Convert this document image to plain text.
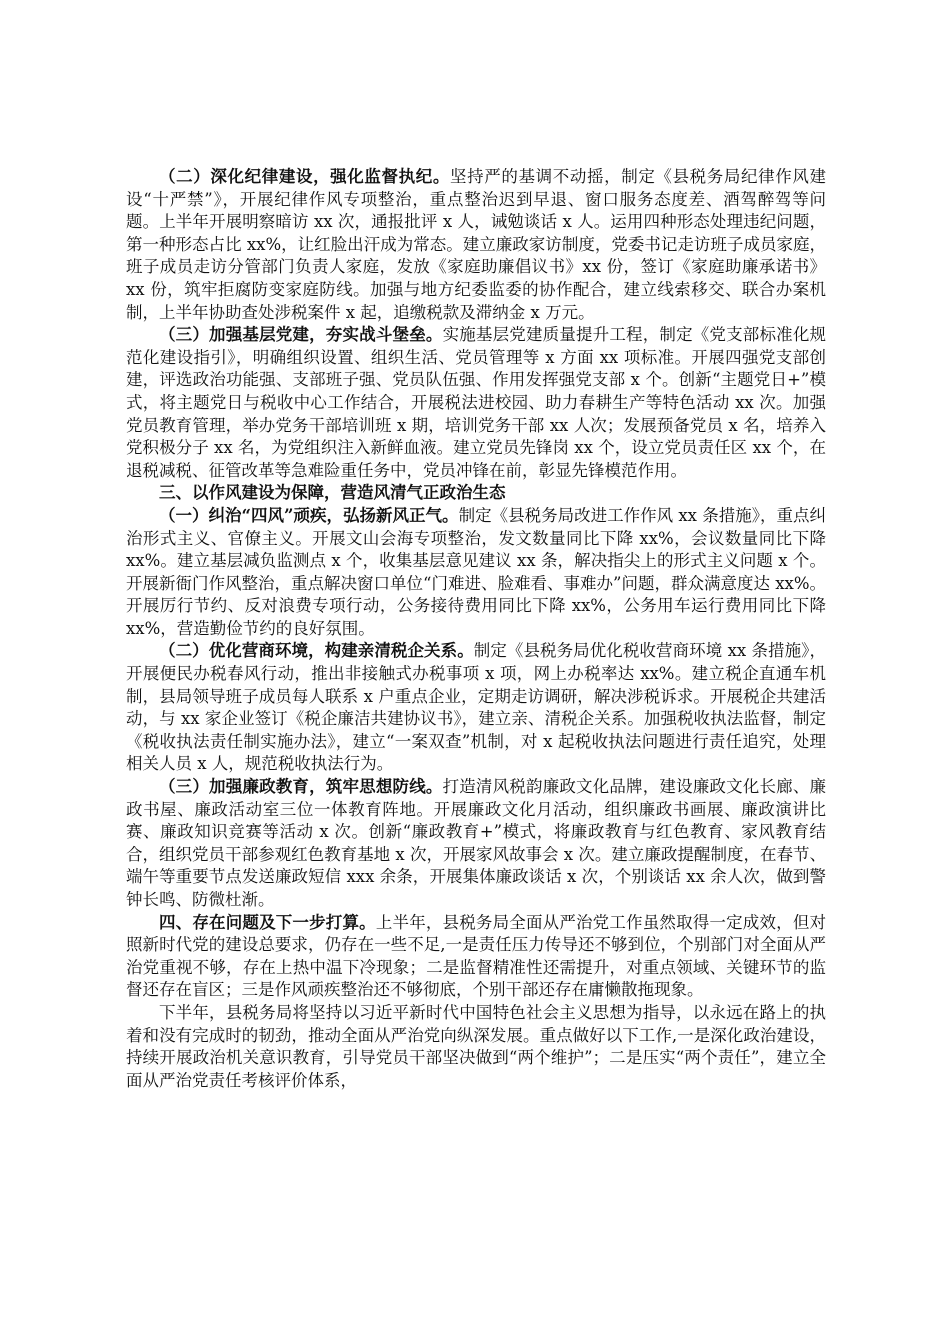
（二）深化纪律建设，强化监督执纪。坚持严的基调不动摇，制定《县税务局纪律作风建设“十严禁”》，开展纪律作风专项整治，重点整治迟到早退、窗口服务态度差、酒驾醉驾等问题。上半年开展明察暗访 xx 次，通报批评 x 人，诫勉谈话 x 人。运用四种形态处理违纪问题，第一种形态占比 xx%，让红脸出汗成为常态。建立廉政家访制度，党委书记走访班子成员家庭，班子成员走访分管部门负责人家庭，发放《家庭助廉倡议书》xx 份，签订《家庭助廉承诺书》xx 份，筑牢拒腐防变家庭防线。加强与地方纪委监委的协作配合，建立线索移交、联合办案机制，上半年协助查处涉税案件 x 起，追缴税款及滞纳金 x 万元。

（三）加强基层党建，夯实战斗堡垒。实施基层党建质量提升工程，制定《党支部标准化规范化建设指引》，明确组织设置、组织生活、党员管理等 x 方面 xx 项标准。开展四强党支部创建，评选政治功能强、支部班子强、党员队伍强、作用发挥强党支部 x 个。创新“主题党日+”模式，将主题党日与税收中心工作结合，开展税法进校园、助力春耕生产等特色活动 xx 次。加强党员教育管理，举办党务干部培训班 x 期，培训党务干部 xx 人次；发展预备党员 x 名，培养入党积极分子 xx 名，为党组织注入新鲜血液。建立党员先锋岗 xx 个，设立党员责任区 xx 个，在退税减税、征管改革等急难险重任务中，党员冲锋在前，彰显先锋模范作用。

三、以作风建设为保障，营造风清气正政治生态

（一）纠治“四风”顽疾，弘扬新风正气。制定《县税务局改进工作作风 xx 条措施》，重点纠治形式主义、官僚主义。开展文山会海专项整治，发文数量同比下降 xx%，会议数量同比下降 xx%。建立基层减负监测点 x 个，收集基层意见建议 xx 条，解决指尖上的形式主义问题 x 个。开展新衙门作风整治，重点解决窗口单位“门难进、脸难看、事难办”问题，群众满意度达 xx%。开展厉行节约、反对浪费专项行动，公务接待费用同比下降 xx%，公务用车运行费用同比下降 xx%，营造勤俭节约的良好氛围。

（二）优化营商环境，构建亲清税企关系。制定《县税务局优化税收营商环境 xx 条措施》，开展便民办税春风行动，推出非接触式办税事项 x 项，网上办税率达 xx%。建立税企直通车机制，县局领导班子成员每人联系 x 户重点企业，定期走访调研，解决涉税诉求。开展税企共建活动，与 xx 家企业签订《税企廉洁共建协议书》，建立亲、清税企关系。加强税收执法监督，制定《税收执法责任制实施办法》，建立“一案双查”机制，对 x 起税收执法问题进行责任追究，处理相关人员 x 人，规范税收执法行为。

（三）加强廉政教育，筑牢思想防线。打造清风税韵廉政文化品牌，建设廉政文化长廊、廉政书屋、廉政活动室三位一体教育阵地。开展廉政文化月活动，组织廉政书画展、廉政演讲比赛、廉政知识竞赛等活动 x 次。创新“廉政教育+”模式，将廉政教育与红色教育、家风教育结合，组织党员干部参观红色教育基地 x 次，开展家风故事会 x 次。建立廉政提醒制度，在春节、端午等重要节点发送廉政短信 xxx 余条，开展集体廉政谈话 x 次，个别谈话 xx 余人次，做到警钟长鸣、防微杜渐。

四、存在问题及下一步打算。上半年，县税务局全面从严治党工作虽然取得一定成效，但对照新时代党的建设总要求，仍存在一些不足,一是责任压力传导还不够到位，个别部门对全面从严治党重视不够，存在上热中温下冷现象；二是监督精准性还需提升，对重点领域、关键环节的监督还存在盲区；三是作风顽疾整治还不够彻底，个别干部还存在庸懒散拖现象。

下半年，县税务局将坚持以习近平新时代中国特色社会主义思想为指导，以永远在路上的执着和没有完成时的韧劲，推动全面从严治党向纵深发展。重点做好以下工作,一是深化政治建设，持续开展政治机关意识教育，引导党员干部坚决做到“两个维护”；二是压实“两个责任”，建立全面从严治党责任考核评价体系，
